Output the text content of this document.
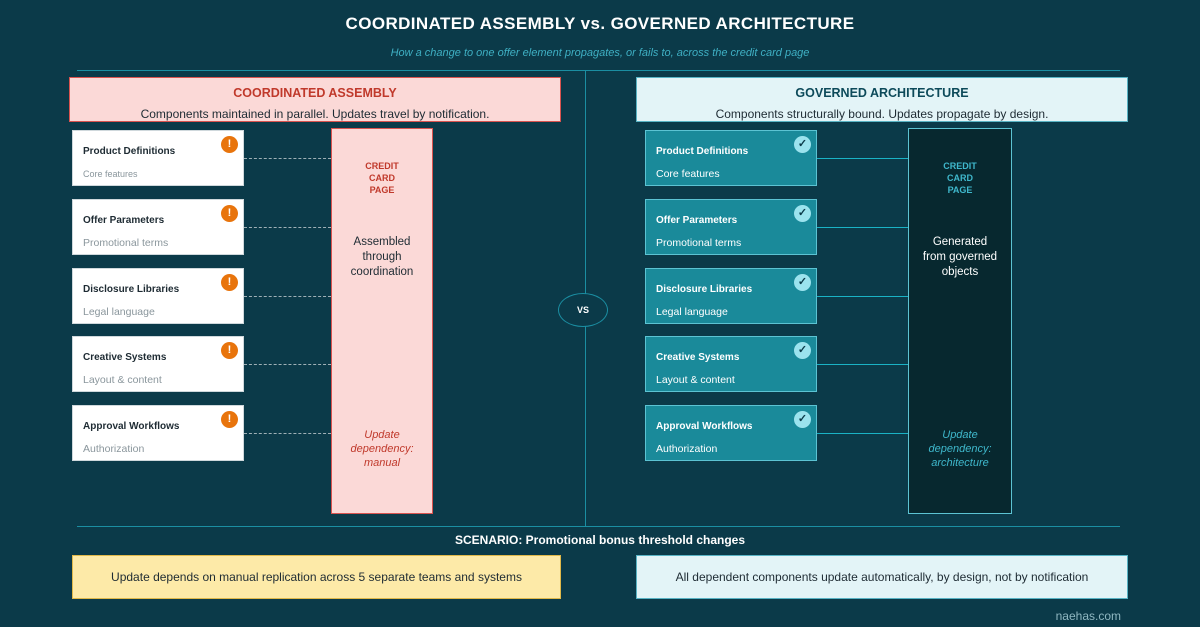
COORDINATED ASSEMBLY vs. GOVERNED ARCHITECTURE
How a change to one offer element propagates, or fails to, across the credit card page
COORDINATED ASSEMBLY
Components maintained in parallel. Updates travel by notification.
GOVERNED ARCHITECTURE
Components structurally bound. Updates propagate by design.
Product Definitions
Core features
!
Offer Parameters
Promotional terms
!
Disclosure Libraries
Legal language
!
Creative Systems
Layout & content
!
Approval Workflows
Authorization
!
CREDIT
CARD
PAGE
Assembled
through
coordination
Update
dependency:
manual
VS
Product Definitions
Core features
✓
Offer Parameters
Promotional terms
✓
Disclosure Libraries
Legal language
✓
Creative Systems
Layout & content
✓
Approval Workflows
Authorization
✓
CREDIT
CARD
PAGE
Generated
from governed
objects
Update
dependency:
architecture
SCENARIO: Promotional bonus threshold changes
Update depends on manual replication across 5 separate teams and systems	All dependent components update automatically, by design, not by notification
naehas.com
